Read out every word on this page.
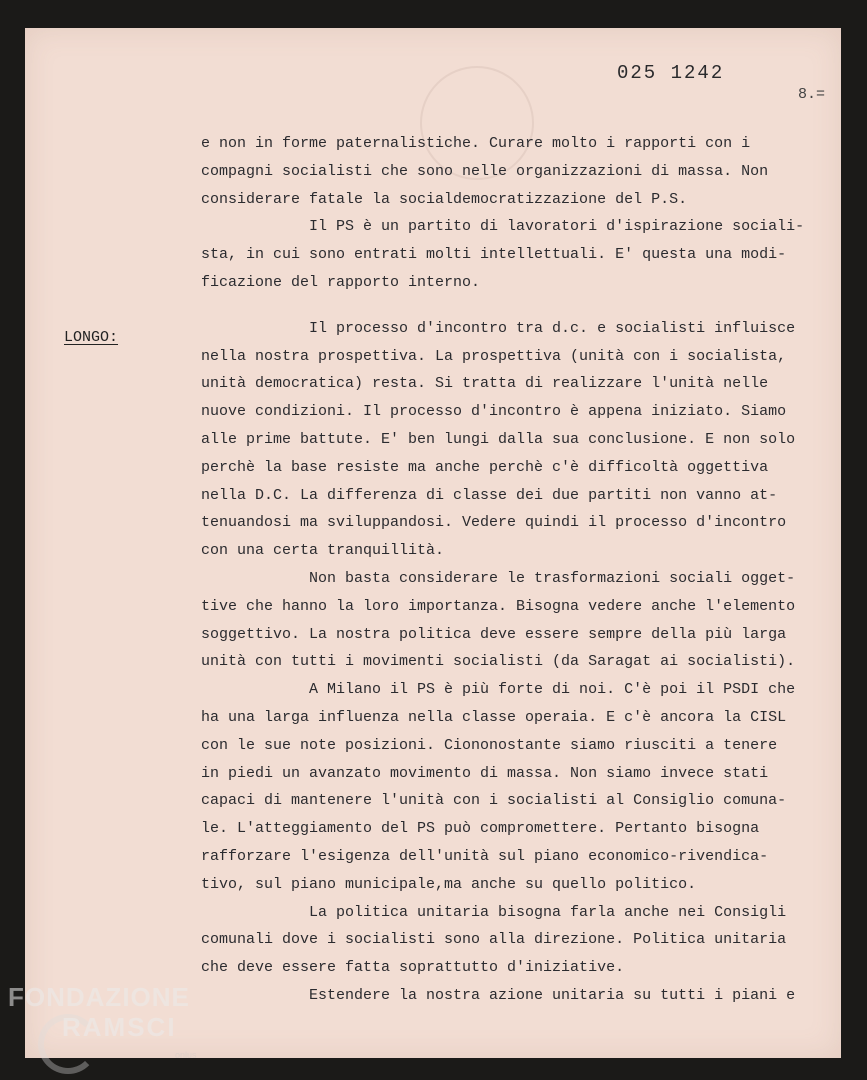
025 1242
8.=
LONGO:
e non in forme paternalistiche. Curare molto i rapporti con i
compagni socialisti che sono nelle organizzazioni di massa. Non
considerare fatale la socialdemocratizzazione del P.S.
Il PS è un partito di lavoratori d'ispirazione sociali-
sta, in cui sono entrati molti intellettuali. E' questa una modi-
ficazione del rapporto interno.
Il processo d'incontro tra d.c. e socialisti influisce
nella nostra prospettiva. La prospettiva (unità con i socialista,
unità democratica) resta. Si tratta di realizzare l'unità nelle
nuove condizioni. Il processo d'incontro è appena iniziato. Siamo
alle prime battute. E' ben lungi dalla sua conclusione. E non solo
perchè la base resiste ma anche perchè c'è difficoltà oggettiva
nella D.C. La differenza di classe dei due partiti non vanno at-
tenuandosi ma sviluppandosi. Vedere quindi il processo d'incontro
con una certa tranquillità.
Non basta considerare le trasformazioni sociali ogget-
tive che hanno la loro importanza. Bisogna vedere anche l'elemento
soggettivo. La nostra politica deve essere sempre della più larga
unità con tutti i movimenti socialisti (da Saragat ai socialisti).
A Milano il PS è più forte di noi. C'è poi il PSDI che
ha una larga influenza nella classe operaia. E c'è ancora la CISL
con le sue note posizioni. Ciononostante siamo riusciti a tenere
in piedi un avanzato movimento di massa. Non siamo invece stati
capaci di mantenere l'unità con i socialisti al Consiglio comuna-
le. L'atteggiamento del PS può compromettere. Pertanto bisogna
rafforzare l'esigenza dell'unità sul piano economico-rivendica-
tivo, sul piano municipale,ma anche su quello politico.
La politica unitaria bisogna farla anche nei Consigli
comunali dove i socialisti sono alla direzione. Politica unitaria
che deve essere fatta soprattutto d'iniziative.
Estendere la nostra azione unitaria su tutti i piani e
FONDAZIONE
RAMSCI
onlus
